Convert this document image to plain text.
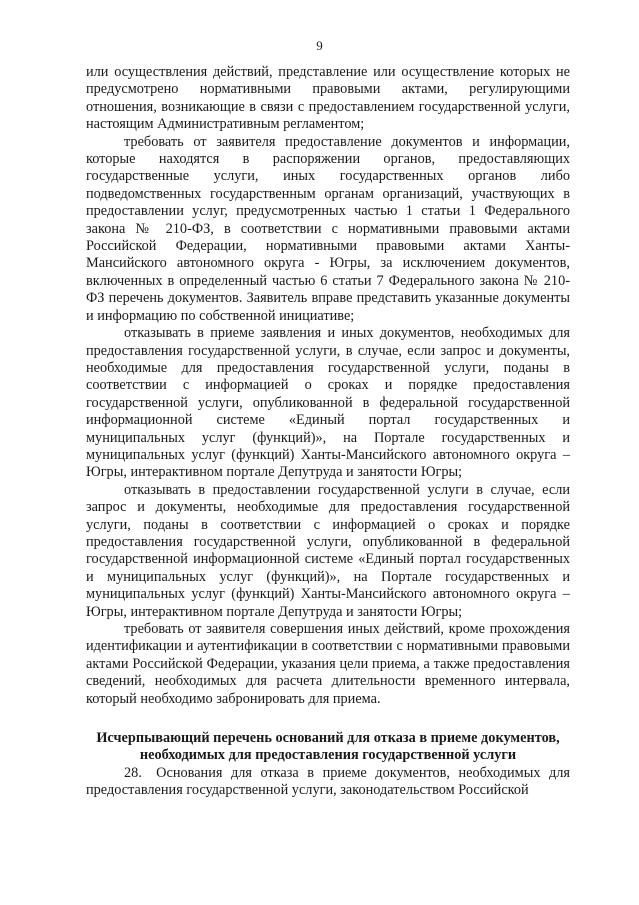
9

или осуществления действий, представление или осуществление которых не предусмотрено нормативными правовыми актами, регулирующими отношения, возникающие в связи с предоставлением государственной услуги, настоящим Административным регламентом;

требовать от заявителя предоставление документов и информации, которые находятся в распоряжении органов, предоставляющих государственные услуги, иных государственных органов либо подведомственных государственным органам организаций, участвующих в предоставлении услуг, предусмотренных частью 1 статьи 1 Федерального закона № 210-ФЗ, в соответствии с нормативными правовыми актами Российской Федерации, нормативными правовыми актами Ханты-Мансийского автономного округа - Югры, за исключением документов, включенных в определенный частью 6 статьи 7 Федерального закона № 210-ФЗ перечень документов. Заявитель вправе представить указанные документы и информацию по собственной инициативе;

отказывать в приеме заявления и иных документов, необходимых для предоставления государственной услуги, в случае, если запрос и документы, необходимые для предоставления государственной услуги, поданы в соответствии с информацией о сроках и порядке предоставления государственной услуги, опубликованной в федеральной государственной информационной системе «Единый портал государственных и муниципальных услуг (функций)», на Портале государственных и муниципальных услуг (функций) Ханты-Мансийского автономного округа – Югры, интерактивном портале Депутруда и занятости Югры;

отказывать в предоставлении государственной услуги в случае, если запрос и документы, необходимые для предоставления государственной услуги, поданы в соответствии с информацией о сроках и порядке предоставления государственной услуги, опубликованной в федеральной государственной информационной системе «Единый портал государственных и муниципальных услуг (функций)», на Портале государственных и муниципальных услуг (функций) Ханты-Мансийского автономного округа – Югры, интерактивном портале Депутруда и занятости Югры;

требовать от заявителя совершения иных действий, кроме прохождения идентификации и аутентификации в соответствии с нормативными правовыми актами Российской Федерации, указания цели приема, а также предоставления сведений, необходимых для расчета длительности временного интервала, который необходимо забронировать для приема.

Исчерпывающий перечень оснований для отказа в приеме документов, необходимых для предоставления государственной услуги

28. Основания для отказа в приеме документов, необходимых для предоставления государственной услуги, законодательством Российской
